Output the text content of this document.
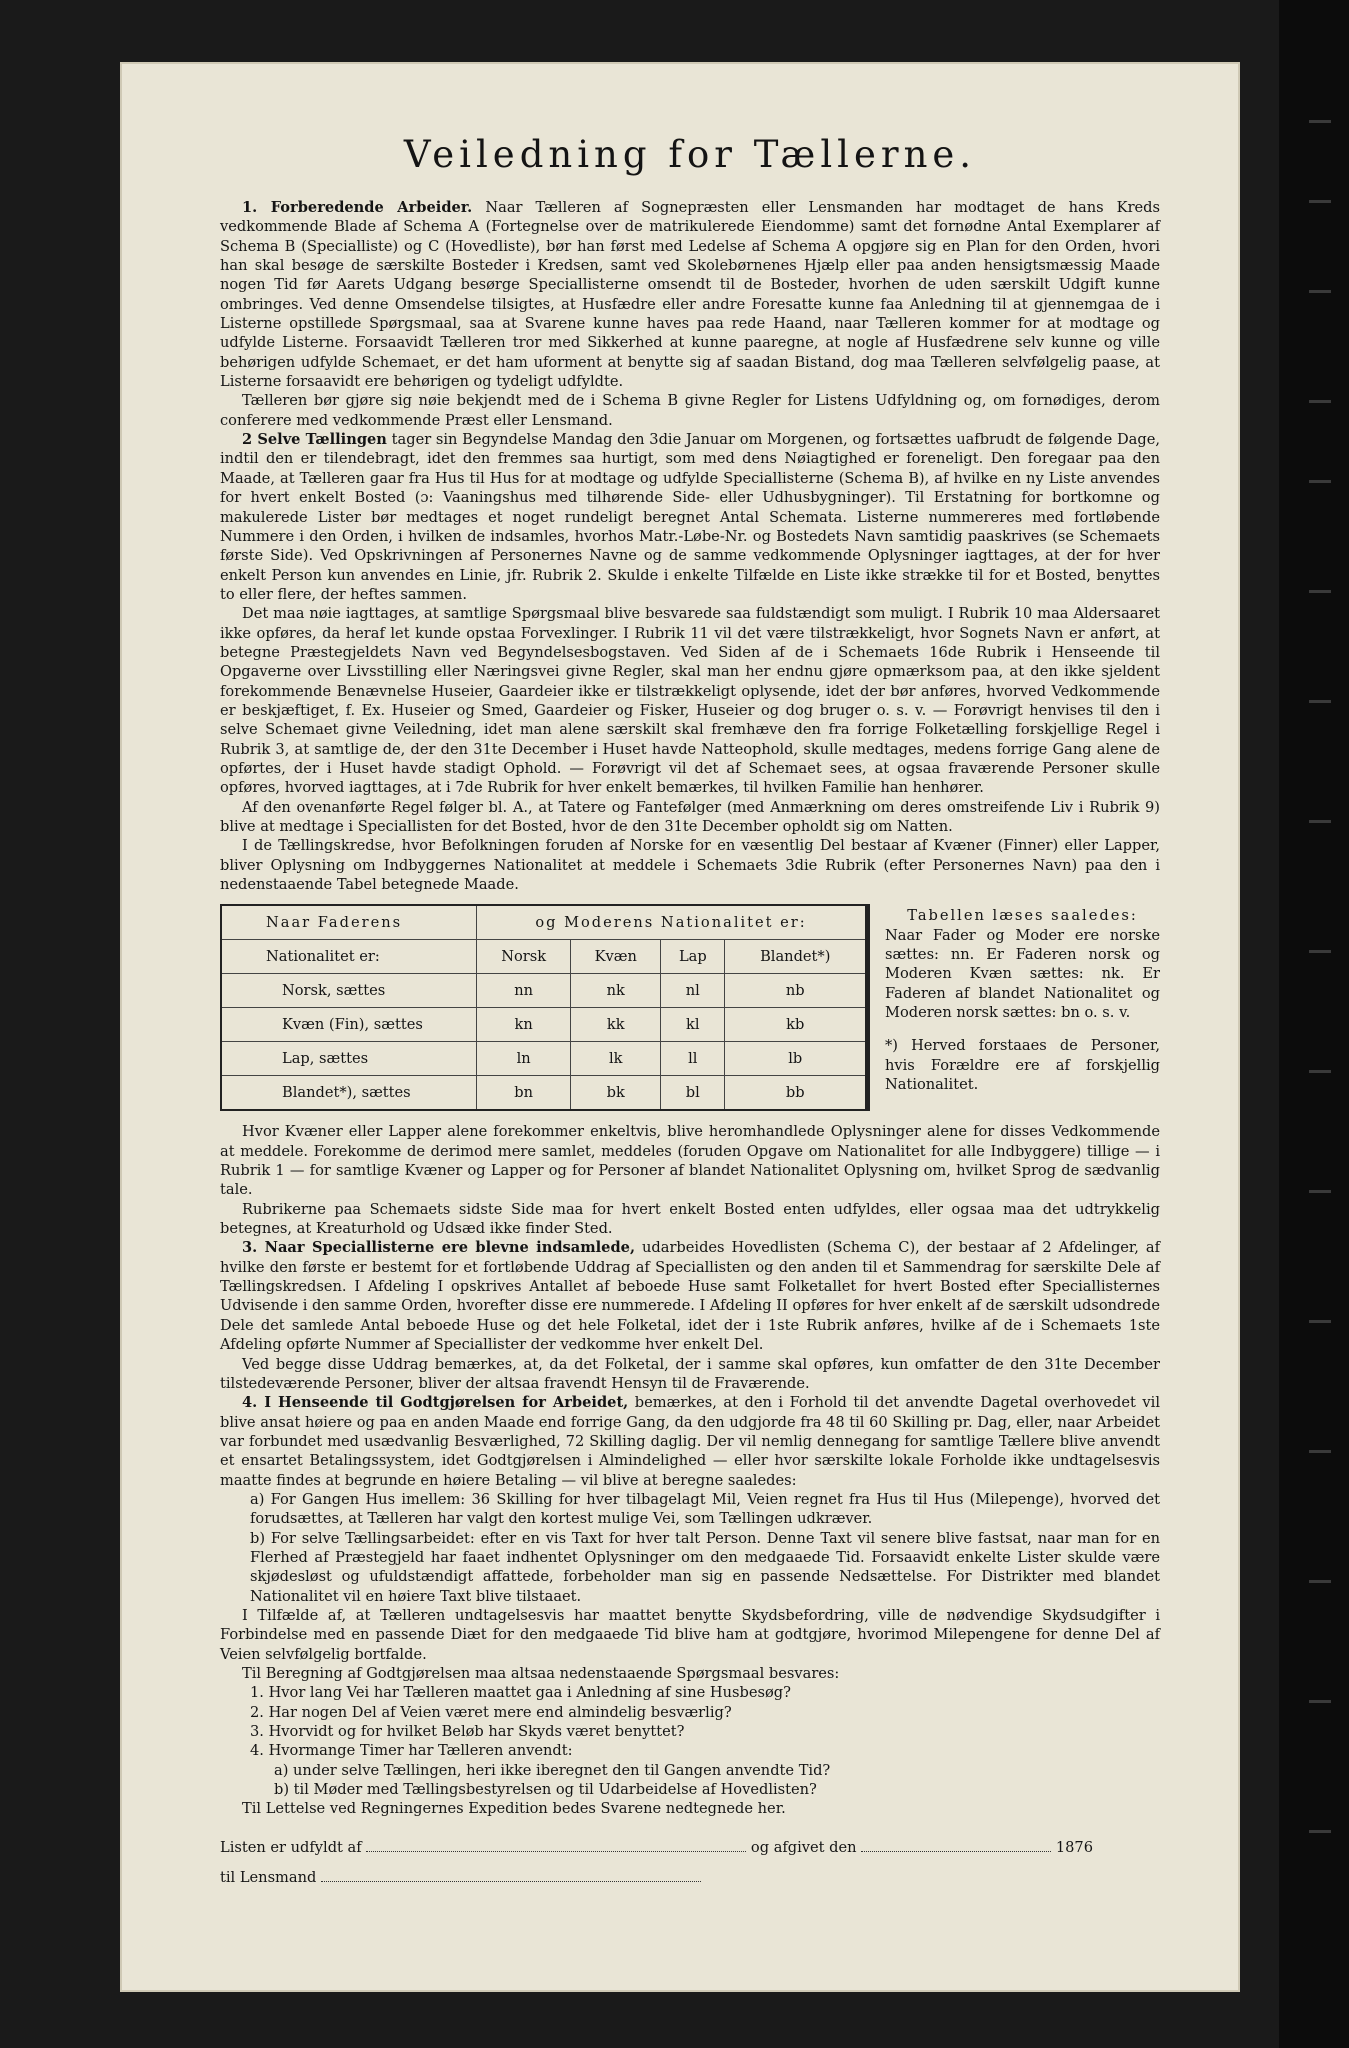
Veiledning for Tællerne.

1. Forberedende Arbeider. Naar Tælleren af Sognepræsten eller Lensmanden har modtaget de hans Kreds vedkommende Blade af Schema A (Fortegnelse over de matrikulerede Eiendomme) samt det fornødne Antal Exemplarer af Schema B (Specialliste) og C (Hovedliste), bør han først med Ledelse af Schema A opgjøre sig en Plan for den Orden, hvori han skal besøge de særskilte Bosteder i Kredsen, samt ved Skolebørnenes Hjælp eller paa anden hensigtsmæssig Maade nogen Tid før Aarets Udgang besørge Speciallisterne omsendt til de Bosteder, hvorhen de uden særskilt Udgift kunne ombringes. Ved denne Omsendelse tilsigtes, at Husfædre eller andre Foresatte kunne faa Anledning til at gjennemgaa de i Listerne opstillede Spørgsmaal, saa at Svarene kunne haves paa rede Haand, naar Tælleren kommer for at modtage og udfylde Listerne. Forsaavidt Tælleren tror med Sikkerhed at kunne paaregne, at nogle af Husfædrene selv kunne og ville behørigen udfylde Schemaet, er det ham uforment at benytte sig af saadan Bistand, dog maa Tælleren selvfølgelig paase, at Listerne forsaavidt ere behørigen og tydeligt udfyldte.

Tælleren bør gjøre sig nøie bekjendt med de i Schema B givne Regler for Listens Udfyldning og, om fornødiges, derom conferere med vedkommende Præst eller Lensmand.

2 Selve Tællingen tager sin Begyndelse Mandag den 3die Januar om Morgenen, og fortsættes uafbrudt de følgende Dage, indtil den er tilendebragt, idet den fremmes saa hurtigt, som med dens Nøiagtighed er foreneligt. Den foregaar paa den Maade, at Tælleren gaar fra Hus til Hus for at modtage og udfylde Speciallisterne (Schema B), af hvilke en ny Liste anvendes for hvert enkelt Bosted (ɔ: Vaaningshus med tilhørende Side- eller Udhusbygninger). Til Erstatning for bortkomne og makulerede Lister bør medtages et noget rundeligt beregnet Antal Schemata. Listerne nummereres med fortløbende Nummere i den Orden, i hvilken de indsamles, hvorhos Matr.-Løbe-Nr. og Bostedets Navn samtidig paaskrives (se Schemaets første Side). Ved Opskrivningen af Personernes Navne og de samme vedkommende Oplysninger iagttages, at der for hver enkelt Person kun anvendes en Linie, jfr. Rubrik 2. Skulde i enkelte Tilfælde en Liste ikke strække til for et Bosted, benyttes to eller flere, der heftes sammen.

Det maa nøie iagttages, at samtlige Spørgsmaal blive besvarede saa fuldstændigt som muligt. I Rubrik 10 maa Aldersaaret ikke opføres, da heraf let kunde opstaa Forvexlinger. I Rubrik 11 vil det være tilstrækkeligt, hvor Sognets Navn er anført, at betegne Præstegjeldets Navn ved Begyndelsesbogstaven. Ved Siden af de i Schemaets 16de Rubrik i Henseende til Opgaverne over Livsstilling eller Næringsvei givne Regler, skal man her endnu gjøre opmærksom paa, at den ikke sjeldent forekommende Benævnelse Huseier, Gaardeier ikke er tilstrækkeligt oplysende, idet der bør anføres, hvorved Vedkommende er beskjæftiget, f. Ex. Huseier og Smed, Gaardeier og Fisker, Huseier og dog bruger o. s. v. — Forøvrigt henvises til den i selve Schemaet givne Veiledning, idet man alene særskilt skal fremhæve den fra forrige Folketælling forskjellige Regel i Rubrik 3, at samtlige de, der den 31te December i Huset havde Natteophold, skulle medtages, medens forrige Gang alene de opførtes, der i Huset havde stadigt Ophold. — Forøvrigt vil det af Schemaet sees, at ogsaa fraværende Personer skulle opføres, hvorved iagttages, at i 7de Rubrik for hver enkelt bemærkes, til hvilken Familie han henhører.

Af den ovenanførte Regel følger bl. A., at Tatere og Fantefølger (med Anmærkning om deres omstreifende Liv i Rubrik 9) blive at medtage i Speciallisten for det Bosted, hvor de den 31te December opholdt sig om Natten.

I de Tællingskredse, hvor Befolkningen foruden af Norske for en væsentlig Del bestaar af Kvæner (Finner) eller Lapper, bliver Oplysning om Indbyggernes Nationalitet at meddele i Schemaets 3die Rubrik (efter Personernes Navn) paa den i nedenstaaende Tabel betegnede Maade.

Naar Faderens	og Moderens Nationalitet er:			
Nationalitet er:	Norsk	Kvæn	Lap	Blandet*)
Norsk, sættes	nn	nk	nl	nb
Kvæn (Fin), sættes	kn	kk	kl	kb
Lap, sættes	ln	lk	ll	lb
Blandet*), sættes	bn	bk	bl	bb

Tabellen læses saaledes:

Naar Fader og Moder ere norske sættes: nn. Er Faderen norsk og Moderen Kvæn sættes: nk. Er Faderen af blandet Nationalitet og Moderen norsk sættes: bn o. s. v.

*) Herved forstaaes de Personer, hvis Forældre ere af forskjellig Nationalitet.

Hvor Kvæner eller Lapper alene forekommer enkeltvis, blive heromhandlede Oplysninger alene for disses Vedkommende at meddele. Forekomme de derimod mere samlet, meddeles (foruden Opgave om Nationalitet for alle Indbyggere) tillige — i Rubrik 1 — for samtlige Kvæner og Lapper og for Personer af blandet Nationalitet Oplysning om, hvilket Sprog de sædvanlig tale.

Rubrikerne paa Schemaets sidste Side maa for hvert enkelt Bosted enten udfyldes, eller ogsaa maa det udtrykkelig betegnes, at Kreaturhold og Udsæd ikke finder Sted.

3. Naar Speciallisterne ere blevne indsamlede, udarbeides Hovedlisten (Schema C), der bestaar af 2 Afdelinger, af hvilke den første er bestemt for et fortløbende Uddrag af Speciallisten og den anden til et Sammendrag for særskilte Dele af Tællingskredsen. I Afdeling I opskrives Antallet af beboede Huse samt Folketallet for hvert Bosted efter Speciallisternes Udvisende i den samme Orden, hvorefter disse ere nummerede. I Afdeling II opføres for hver enkelt af de særskilt udsondrede Dele det samlede Antal beboede Huse og det hele Folketal, idet der i 1ste Rubrik anføres, hvilke af de i Schemaets 1ste Afdeling opførte Nummer af Speciallister der vedkomme hver enkelt Del.

Ved begge disse Uddrag bemærkes, at, da det Folketal, der i samme skal opføres, kun omfatter de den 31te December tilstedeværende Personer, bliver der altsaa fravendt Hensyn til de Fraværende.

4. I Henseende til Godtgjørelsen for Arbeidet, bemærkes, at den i Forhold til det anvendte Dagetal overhovedet vil blive ansat høiere og paa en anden Maade end forrige Gang, da den udgjorde fra 48 til 60 Skilling pr. Dag, eller, naar Arbeidet var forbundet med usædvanlig Besværlighed, 72 Skilling daglig. Der vil nemlig dennegang for samtlige Tællere blive anvendt et ensartet Betalingssystem, idet Godtgjørelsen i Almindelighed — eller hvor særskilte lokale Forholde ikke undtagelsesvis maatte findes at begrunde en høiere Betaling — vil blive at beregne saaledes:

a) For Gangen Hus imellem: 36 Skilling for hver tilbagelagt Mil, Veien regnet fra Hus til Hus (Milepenge), hvorved det forudsættes, at Tælleren har valgt den kortest mulige Vei, som Tællingen udkræver.

b) For selve Tællingsarbeidet: efter en vis Taxt for hver talt Person. Denne Taxt vil senere blive fastsat, naar man for en Flerhed af Præstegjeld har faaet indhentet Oplysninger om den medgaaede Tid. Forsaavidt enkelte Lister skulde være skjødesløst og ufuldstændigt affattede, forbeholder man sig en passende Nedsættelse. For Distrikter med blandet Nationalitet vil en høiere Taxt blive tilstaaet.

I Tilfælde af, at Tælleren undtagelsesvis har maattet benytte Skydsbefordring, ville de nødvendige Skydsudgifter i Forbindelse med en passende Diæt for den medgaaede Tid blive ham at godtgjøre, hvorimod Milepengene for denne Del af Veien selvfølgelig bortfalde.

Til Beregning af Godtgjørelsen maa altsaa nedenstaaende Spørgsmaal besvares:

1. Hvor lang Vei har Tælleren maattet gaa i Anledning af sine Husbesøg?

2. Har nogen Del af Veien været mere end almindelig besværlig?

3. Hvorvidt og for hvilket Beløb har Skyds været benyttet?

4. Hvormange Timer har Tælleren anvendt:

a) under selve Tællingen, heri ikke iberegnet den til Gangen anvendte Tid?

b) til Møder med Tællingsbestyrelsen og til Udarbeidelse af Hovedlisten?

Til Lettelse ved Regningernes Expedition bedes Svarene nedtegnede her.

Listen er udfyldt af	og afgivet den	1876
til Lensmand
